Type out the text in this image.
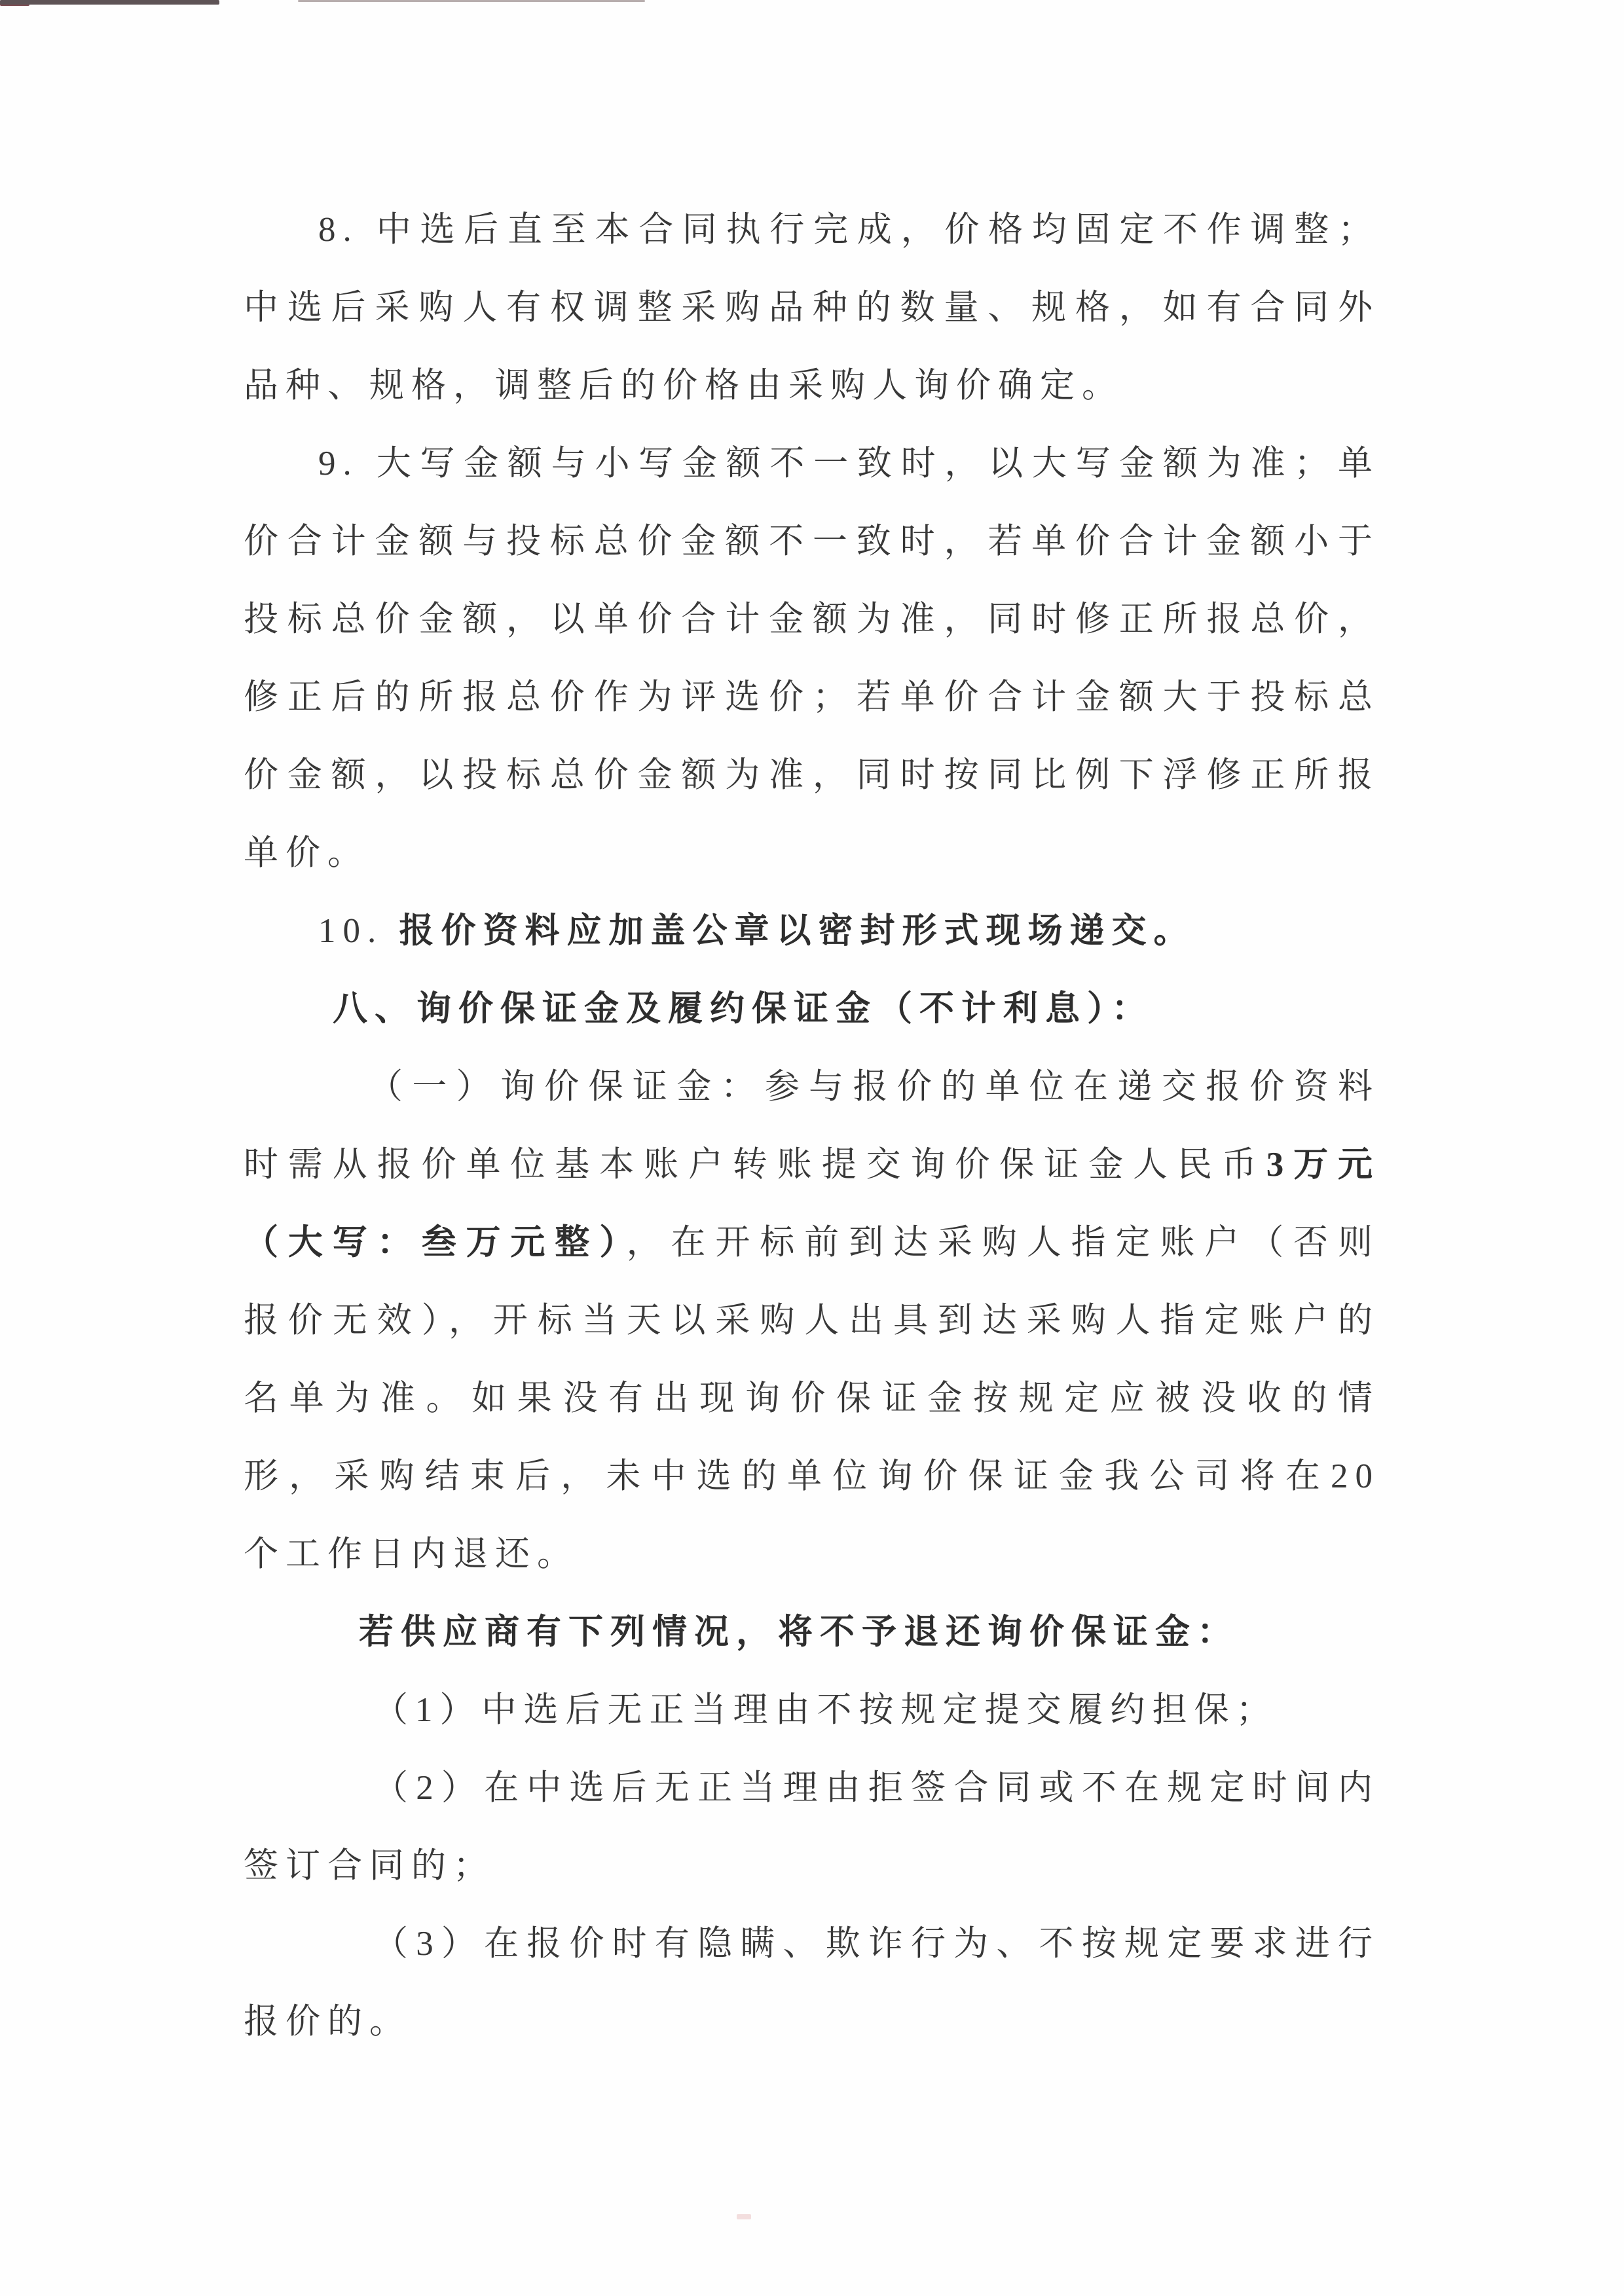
8. 中选后直至本合同执行完成，价格均固定不作调整；
中选后采购人有权调整采购品种的数量、规格，如有合同外
品种、规格，调整后的价格由采购人询价确定。
9. 大写金额与小写金额不一致时，以大写金额为准；单
价合计金额与投标总价金额不一致时，若单价合计金额小于
投标总价金额，以单价合计金额为准，同时修正所报总价，
修正后的所报总价作为评选价；若单价合计金额大于投标总
价金额，以投标总价金额为准，同时按同比例下浮修正所报
单价。
10. 报价资料应加盖公章以密封形式现场递交。
八、询价保证金及履约保证金（不计利息）：
（一）询价保证金：参与报价的单位在递交报价资料
时需从报价单位基本账户转账提交询价保证金人民币3万元
（大写：叁万元整），在开标前到达采购人指定账户（否则
报价无效），开标当天以采购人出具到达采购人指定账户的
名单为准。如果没有出现询价保证金按规定应被没收的情
形，采购结束后，未中选的单位询价保证金我公司将在20
个工作日内退还。
若供应商有下列情况，将不予退还询价保证金：
（1）中选后无正当理由不按规定提交履约担保；
（2）在中选后无正当理由拒签合同或不在规定时间内
签订合同的；
（3）在报价时有隐瞒、欺诈行为、不按规定要求进行
报价的。
